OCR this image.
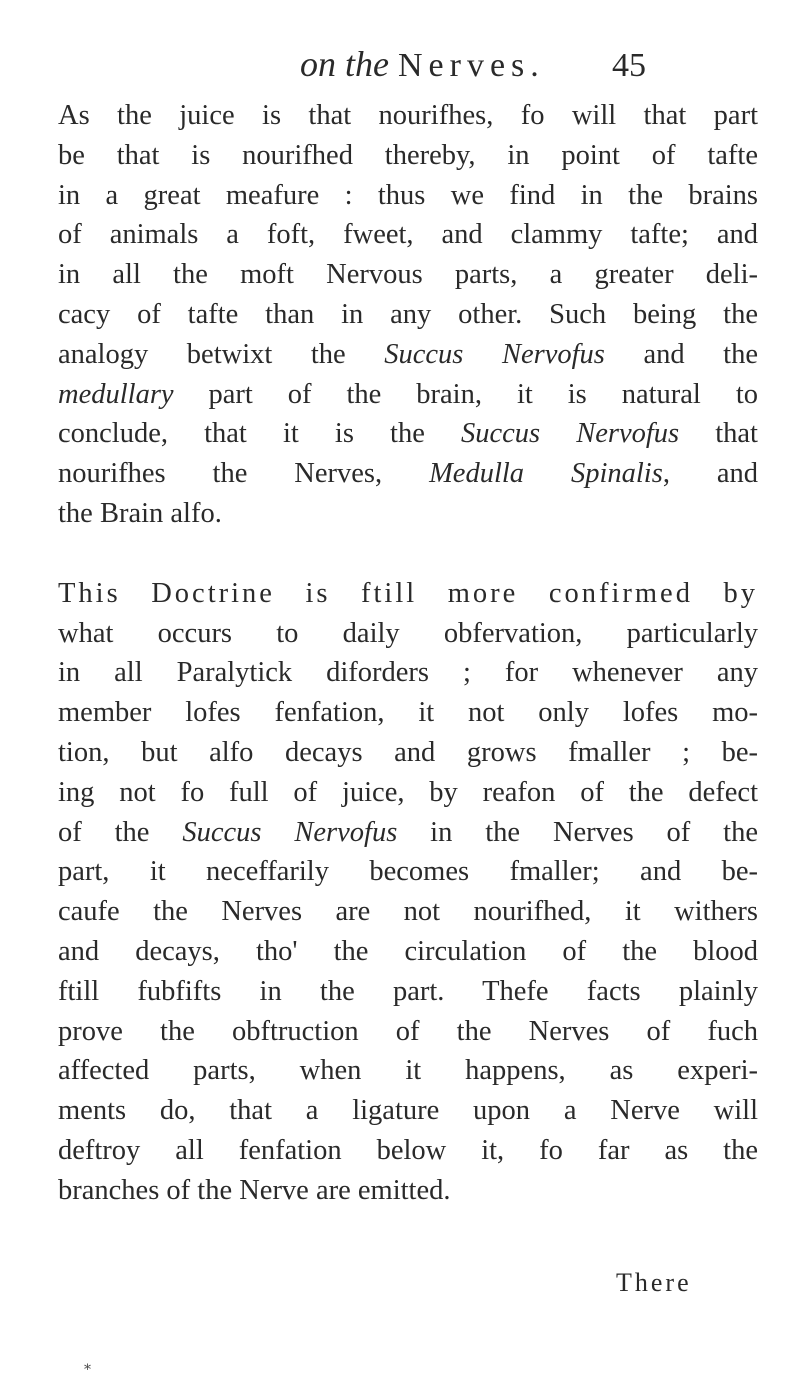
on the Nerves. 45

As the juice is that nourifhes, fo will that part
be that is nourifhed thereby, in point of tafte
in a great meafure : thus we find in the brains
of animals a foft, fweet, and clammy tafte; and
in all the moft Nervous parts, a greater deli-
cacy of tafte than in any other. Such being the
analogy betwixt the Succus Nervofus and the
medullary part of the brain, it is natural to
conclude, that it is the Succus Nervofus that
nourifhes the Nerves, Medulla Spinalis, and
the Brain alfo.

This Doctrine is ftill more confirmed by
what occurs to daily obfervation, particularly
in all Paralytick diforders ; for whenever any
member lofes fenfation, it not only lofes mo-
tion, but alfo decays and grows fmaller ; be-
ing not fo full of juice, by reafon of the defect
of the Succus Nervofus in the Nerves of the
part, it neceffarily becomes fmaller; and be-
caufe the Nerves are not nourifhed, it withers
and decays, tho' the circulation of the blood
ftill fubfifts in the part. Thefe facts plainly
prove the obftruction of the Nerves of fuch
affected parts, when it happens, as experi-
ments do, that a ligature upon a Nerve will
deftroy all fenfation below it, fo far as the
branches of the Nerve are emitted.

There
*
